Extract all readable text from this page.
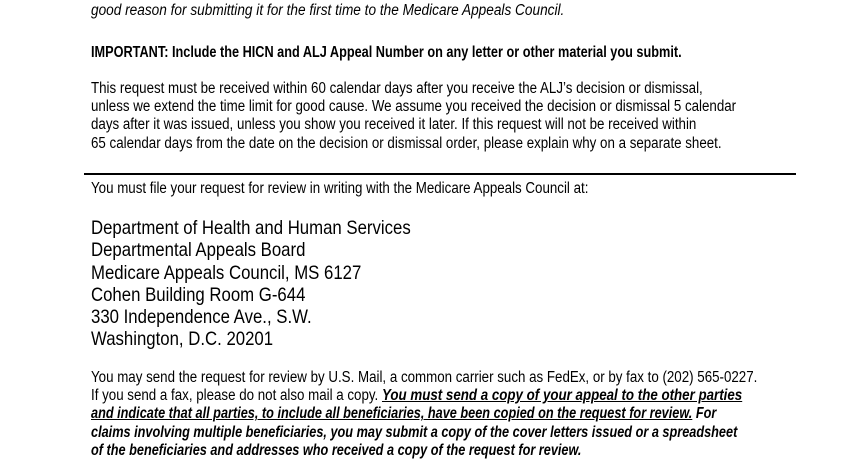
good reason for submitting it for the first time to the Medicare Appeals Council.
IMPORTANT: Include the HICN and ALJ Appeal Number on any letter or other material you submit.
This request must be received within 60 calendar days after you receive the ALJ’s decision or dismissal,
unless we extend the time limit for good cause. We assume you received the decision or dismissal 5 calendar
days after it was issued, unless you show you received it later. If this request will not be received within
65 calendar days from the date on the decision or dismissal order, please explain why on a separate sheet.
You must file your request for review in writing with the Medicare Appeals Council at:
Department of Health and Human Services
Departmental Appeals Board
Medicare Appeals Council, MS 6127
Cohen Building Room G-644
330 Independence Ave., S.W.
Washington, D.C. 20201
You may send the request for review by U.S. Mail, a common carrier such as FedEx, or by fax to (202) 565-0227.
If you send a fax, please do not also mail a copy. You must send a copy of your appeal to the other parties
and indicate that all parties, to include all beneficiaries, have been copied on the request for review. For
claims involving multiple beneficiaries, you may submit a copy of the cover letters issued or a spreadsheet
of the beneficiaries and addresses who received a copy of the request for review.
